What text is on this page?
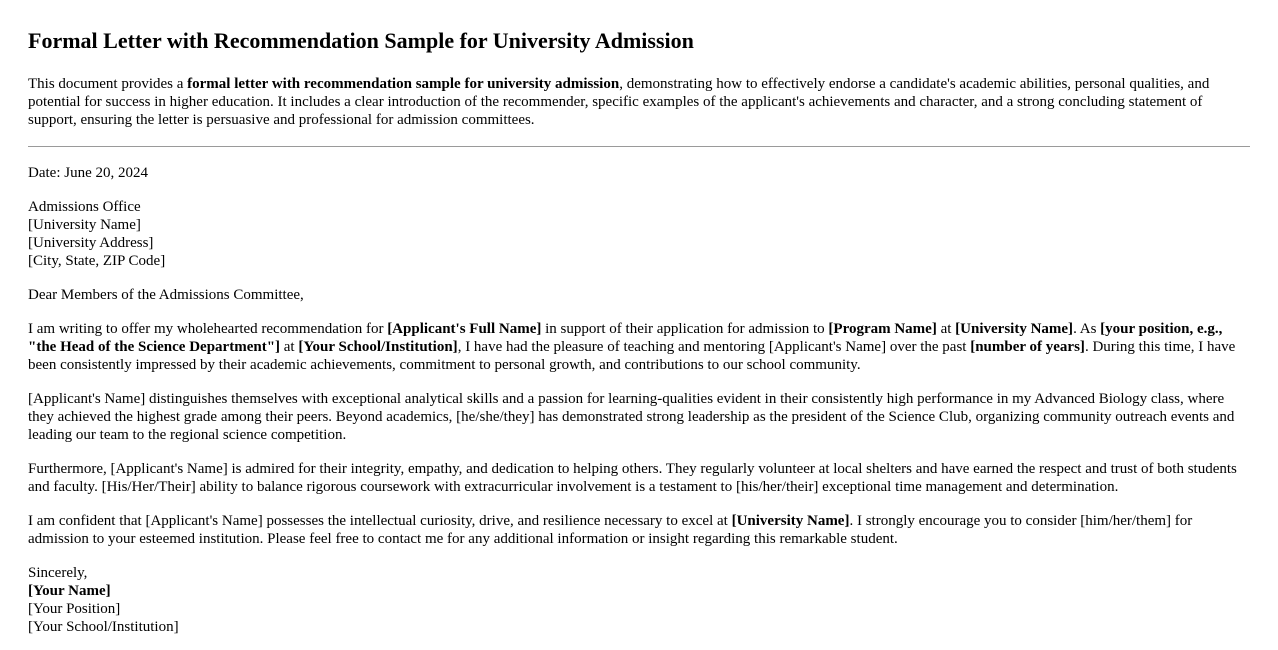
Formal Letter with Recommendation Sample for University Admission

This document provides a formal letter with recommendation sample for university admission, demonstrating how to effectively endorse a candidate's academic abilities, personal qualities, and potential for success in higher education. It includes a clear introduction of the recommender, specific examples of the applicant's achievements and character, and a strong concluding statement of support, ensuring the letter is persuasive and professional for admission committees.

Date: June 20, 2024
Admissions Office
[University Name]
[University Address]
[City, State, ZIP Code]
Dear Members of the Admissions Committee,

I am writing to offer my wholehearted recommendation for [Applicant's Full Name] in support of their application for admission to [Program Name] at [University Name]. As [your position, e.g., "the Head of the Science Department"] at [Your School/Institution], I have had the pleasure of teaching and mentoring [Applicant's Name] over the past [number of years]. During this time, I have been consistently impressed by their academic achievements, commitment to personal growth, and contributions to our school community.

[Applicant's Name] distinguishes themselves with exceptional analytical skills and a passion for learning-qualities evident in their consistently high performance in my Advanced Biology class, where they achieved the highest grade among their peers. Beyond academics, [he/she/they] has demonstrated strong leadership as the president of the Science Club, organizing community outreach events and leading our team to the regional science competition.

Furthermore, [Applicant's Name] is admired for their integrity, empathy, and dedication to helping others. They regularly volunteer at local shelters and have earned the respect and trust of both students and faculty. [His/Her/Their] ability to balance rigorous coursework with extracurricular involvement is a testament to [his/her/their] exceptional time management and determination.

I am confident that [Applicant's Name] possesses the intellectual curiosity, drive, and resilience necessary to excel at [University Name]. I strongly encourage you to consider [him/her/them] for admission to your esteemed institution. Please feel free to contact me for any additional information or insight regarding this remarkable student.

Sincerely,
[Your Name]
[Your Position]
[Your School/Institution]
